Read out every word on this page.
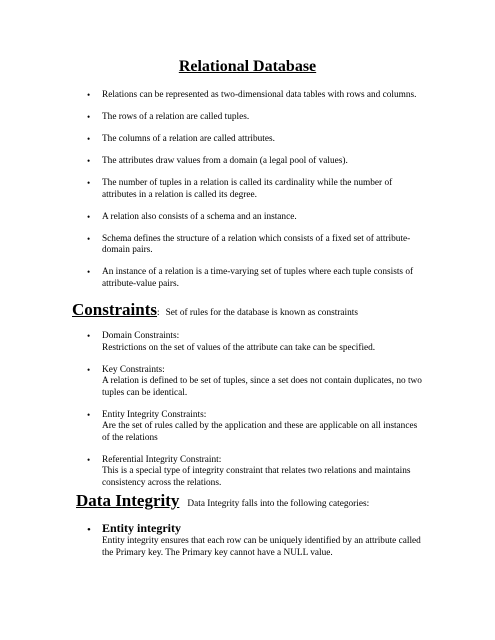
Relational Database
• Relations can be represented as two-dimensional data tables with rows and columns.
• The rows of a relation are called tuples.
• The columns of a relation are called attributes.
• The attributes draw values from a domain (a legal pool of values).
• The number of tuples in a relation is called its cardinality while the number of attributes in a relation is called its degree.
• A relation also consists of a schema and an instance.
• Schema defines the structure of a relation which consists of a fixed set of attribute-domain pairs.
• An instance of a relation is a time-varying set of tuples where each tuple consists of attribute-value pairs.
Constraints: Set of rules for the database is known as constraints
• Domain Constraints:
Restrictions on the set of values of the attribute can take can be specified.
• Key Constraints:
A relation is defined to be set of tuples, since a set does not contain duplicates, no two tuples can be identical.
• Entity Integrity Constraints:
Are the set of rules called by the application and these are applicable on all instances of the relations
• Referential Integrity Constraint:
This is a special type of integrity constraint that relates two relations and maintains consistency across the relations.
Data Integrity Data Integrity falls into the following categories:
• Entity integrity
Entity integrity ensures that each row can be uniquely identified by an attribute called the Primary key. The Primary key cannot have a NULL value.
